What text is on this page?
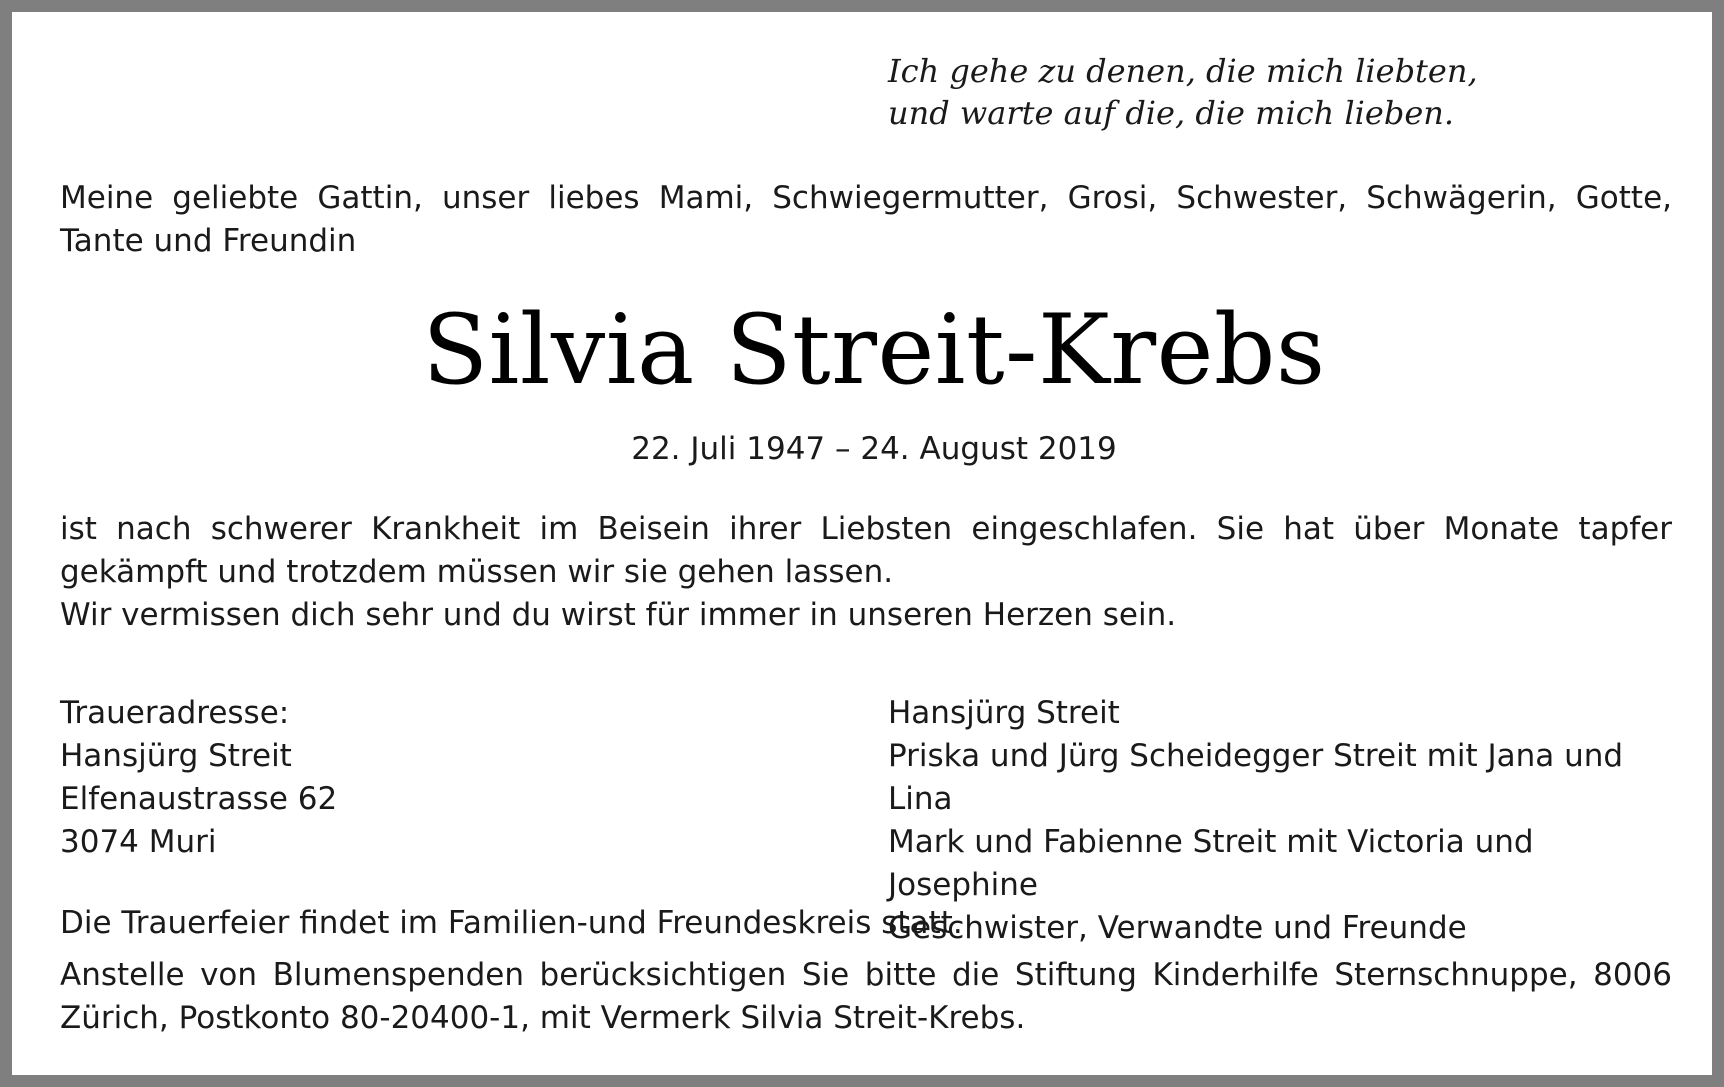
Ich gehe zu denen, die mich liebten,
und warte auf die, die mich lieben.
Meine geliebte Gattin, unser liebes Mami, Schwiegermutter, Grosi, Schwester, Schwägerin, Gotte, Tante und Freundin
Silvia Streit-Krebs
22. Juli 1947 – 24. August 2019
ist nach schwerer Krankheit im Beisein ihrer Liebsten eingeschlafen. Sie hat über Monate tapfer gekämpft und trotzdem müssen wir sie gehen lassen.
Wir vermissen dich sehr und du wirst für immer in unseren Herzen sein.
Traueradresse:
Hansjürg Streit
Elfenaustrasse 62
3074 Muri
Hansjürg Streit
Priska und Jürg Scheidegger Streit mit Jana und Lina
Mark und Fabienne Streit mit Victoria und Josephine
Geschwister, Verwandte und Freunde
Die Trauerfeier findet im Familien-und Freundeskreis statt.
Anstelle von Blumenspenden berücksichtigen Sie bitte die Stiftung Kinderhilfe Sternschnuppe, 8006 Zürich, Postkonto 80-20400-1, mit Vermerk Silvia Streit-Krebs.
